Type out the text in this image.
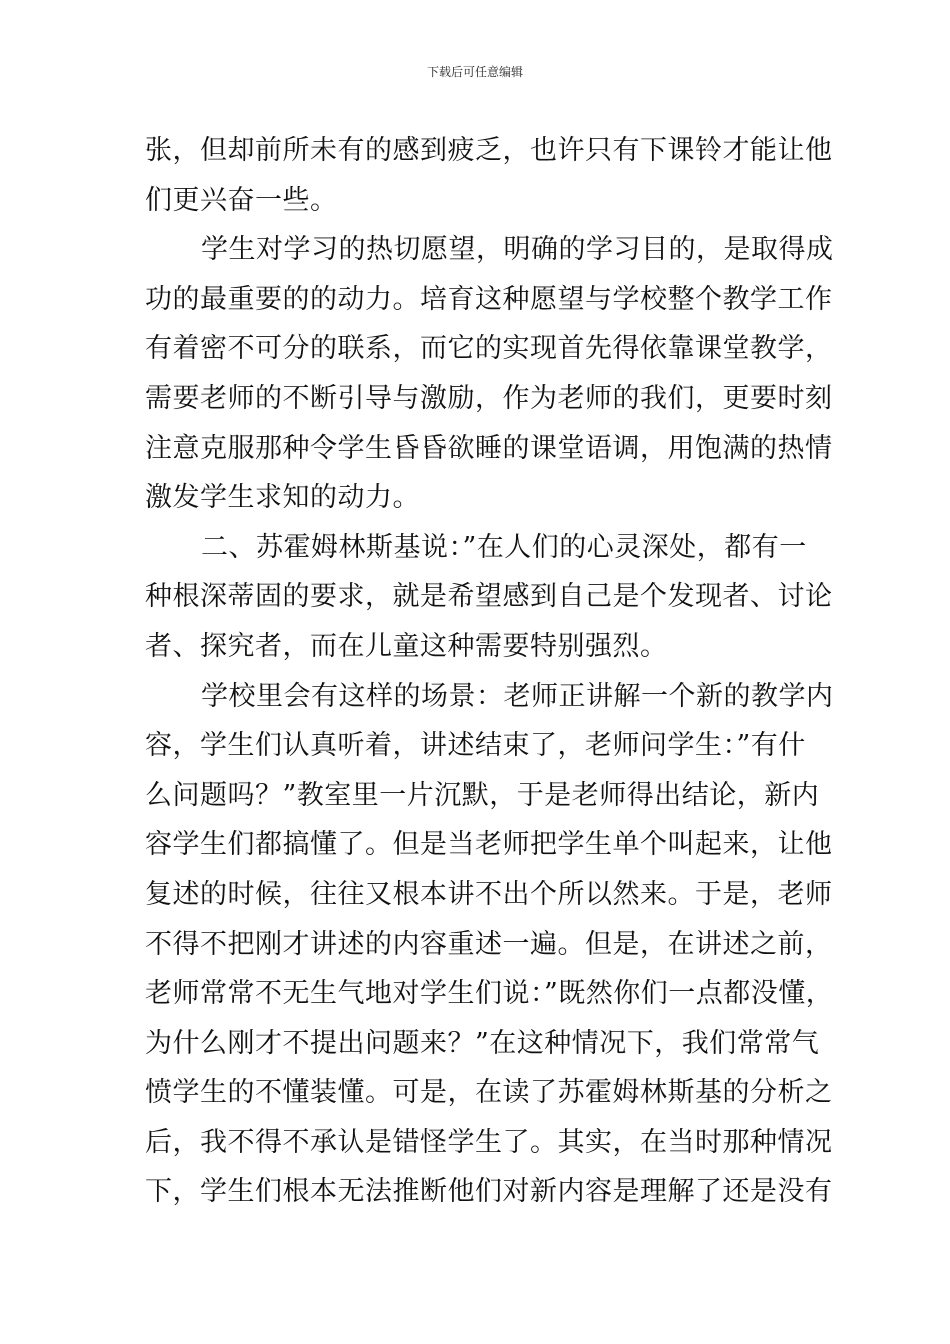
下载后可任意编辑
张，但却前所未有的感到疲乏，也许只有下课铃才能让他
们更兴奋一些。
学生对学习的热切愿望，明确的学习目的，是取得成
功的最重要的的动力。培育这种愿望与学校整个教学工作
有着密不可分的联系，而它的实现首先得依靠课堂教学，
需要老师的不断引导与激励，作为老师的我们，更要时刻
注意克服那种令学生昏昏欲睡的课堂语调，用饱满的热情
激发学生求知的动力。
二、苏霍姆林斯基说：”在人们的心灵深处，都有一
种根深蒂固的要求，就是希望感到自己是个发现者、讨论
者、探究者，而在儿童这种需要特别强烈。
学校里会有这样的场景：老师正讲解一个新的教学内
容，学生们认真听着，讲述结束了，老师问学生：”有什
么问题吗？”教室里一片沉默，于是老师得出结论，新内
容学生们都搞懂了。但是当老师把学生单个叫起来，让他
复述的时候，往往又根本讲不出个所以然来。于是，老师
不得不把刚才讲述的内容重述一遍。但是，在讲述之前，
老师常常不无生气地对学生们说：”既然你们一点都没懂，
为什么刚才不提出问题来？”在这种情况下，我们常常气
愤学生的不懂装懂。可是，在读了苏霍姆林斯基的分析之
后，我不得不承认是错怪学生了。其实，在当时那种情况
下，学生们根本无法推断他们对新内容是理解了还是没有
